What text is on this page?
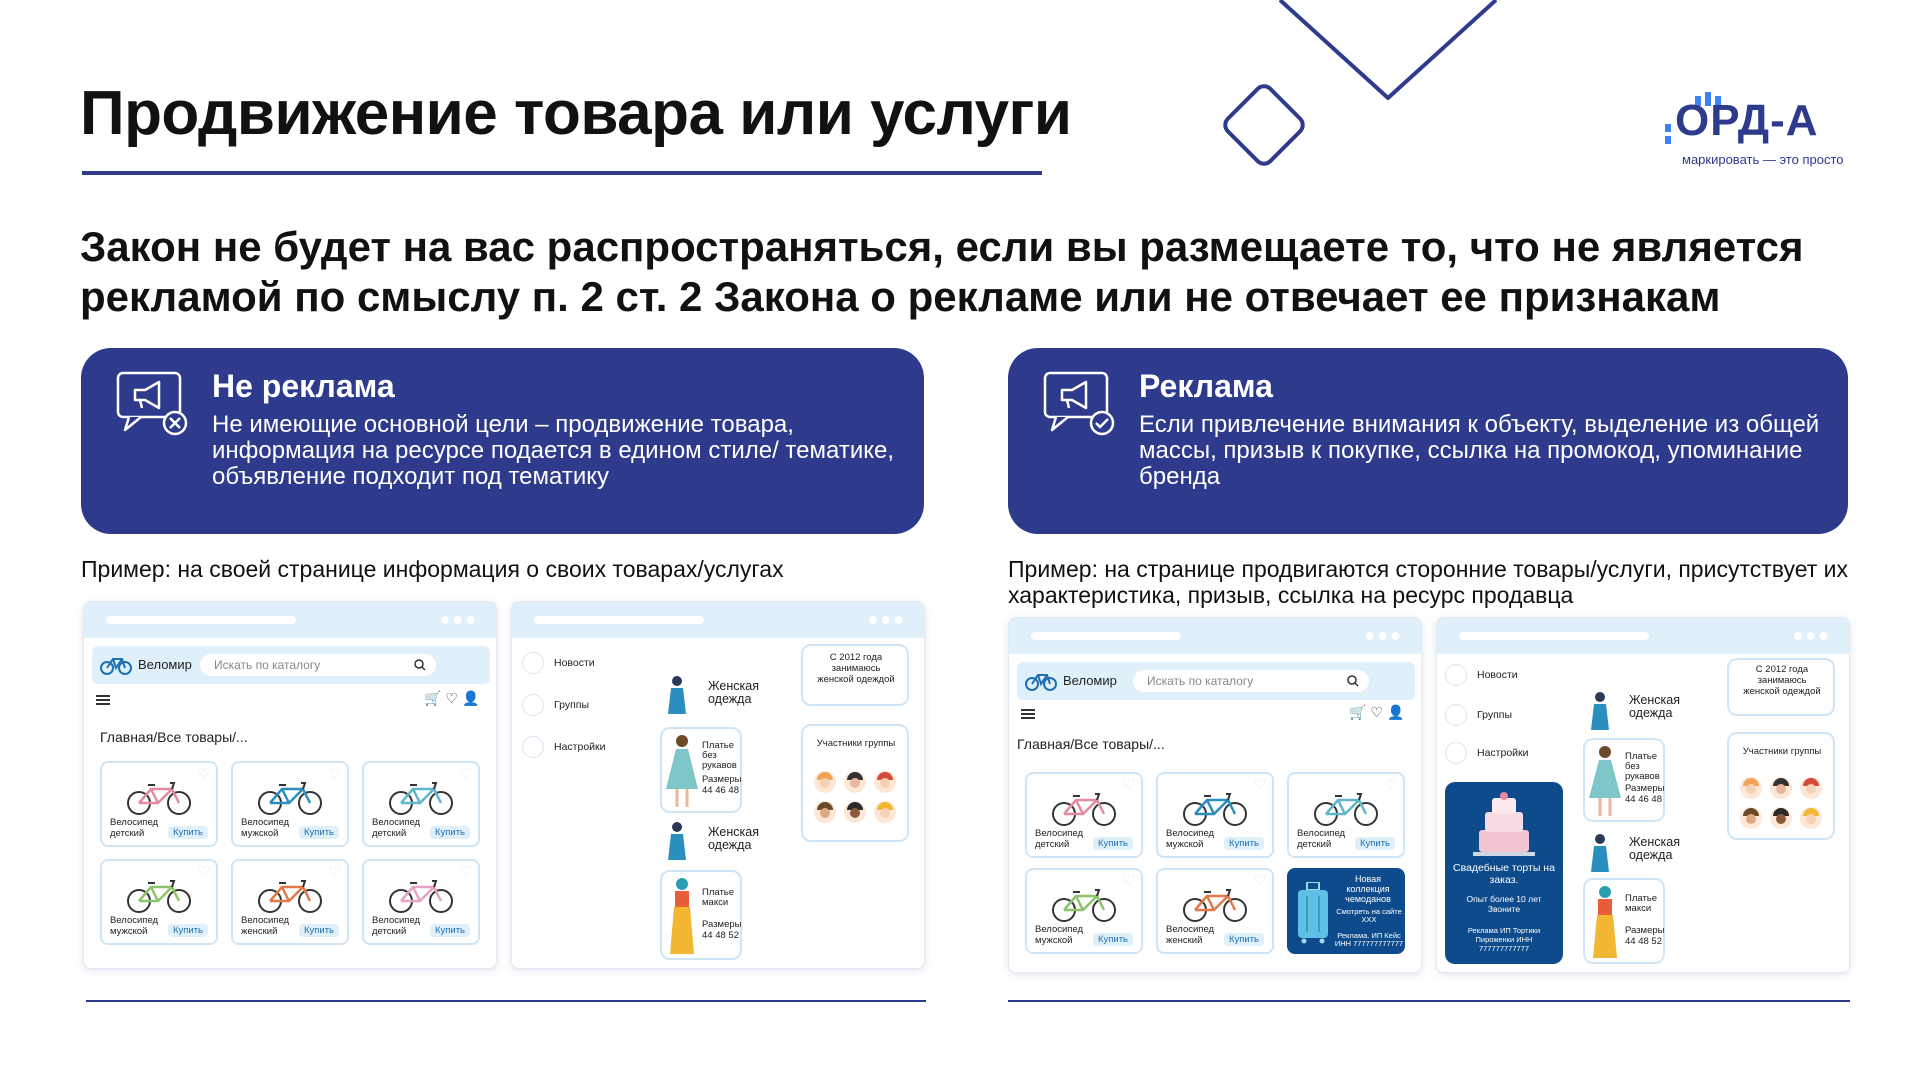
Продвижение товара или услуги	ОРД-А
маркировать — это просто
Закон не будет на вас распространяться, если вы размещаете то, что не является рекламой по смыслу п. 2 ст. 2 Закона о рекламе или не отвечает ее признакам
Не реклама
Не имеющие основной цели – продвижение товара, информация на ресурсе подается в едином стиле/ тематике, объявление подходит под тематику
Реклама
Если привлечение внимания к объекту, выделение из общей массы, призыв к покупке, ссылка на промокод, упоминание бренда
Пример: на своей странице информация о своих товарах/услугах	Пример: на странице продвигаются сторонние товары/услуги, присутствует их характеристика, призыв, ссылка на ресурс продавца
●●●
Веломир Искать по каталогу
🛒♡👤
Главная/Все товары/...
♡
Велосипед детский	Купить
♡
Велосипед мужской	Купить
♡
Велосипед детский	Купить
♡
Велосипед мужской	Купить
♡
Велосипед женский	Купить
♡
Велосипед детский	Купить
●●●
Новости
Группы
Настройки
Женская одежда
Платье без рукавов
Размеры
44 46 48
Женская одежда
Платье макси
Размеры
44 48 52
С 2012 года занимаюсь женской одеждой
Участники группы
●●●
Веломир	Искать по каталогу
🛒♡👤
Главная/Все товары/...
♡
Велосипед детский	Купить
♡
Велосипед мужской	Купить
♡
Велосипед детский	Купить
♡
Велосипед мужской	Купить
♡
Велосипед женский	Купить
Новая коллекция чемоданов
Смотреть на сайте XXX
Реклама. ИП Кейс ИНН 777777777777
●●●
Новости
Группы
Настройки
Свадебные торты на заказ.
Опыт более 10 лет Звоните
Реклама ИП Тортики Пироженки ИНН 777777777777
Женская одежда
Платье без рукавов
Размеры
44 46 48
Женская одежда
Платье макси
Размеры
44 48 52
С 2012 года занимаюсь женской одеждой
Участники группы
